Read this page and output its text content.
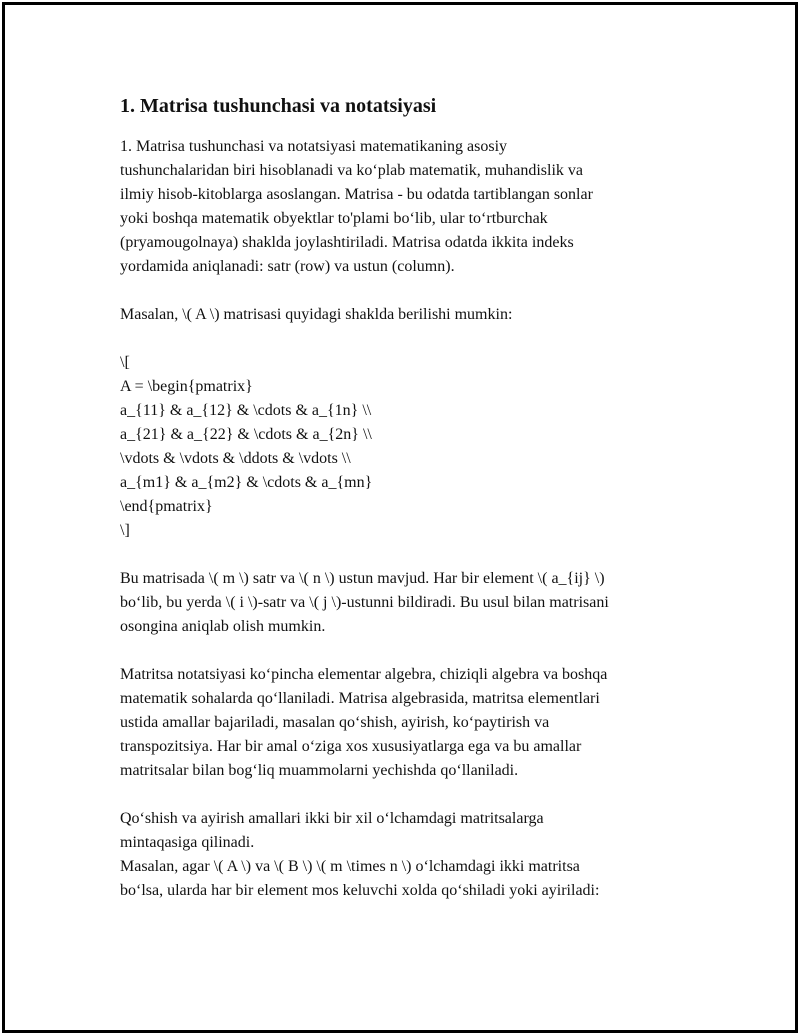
1. Matrisa tushunchasi va notatsiyasi
1. Matrisa tushunchasi va notatsiyasi matematikaning asosiy
tushunchalaridan biri hisoblanadi va koʻplab matematik, muhandislik va
ilmiy hisob-kitoblarga asoslangan. Matrisa - bu odatda tartiblangan sonlar
yoki boshqa matematik obyektlar to'plami boʻlib, ular toʻrtburchak
(pryamougolnaya) shaklda joylashtiriladi. Matrisa odatda ikkita indeks
yordamida aniqlanadi: satr (row) va ustun (column).
Masalan, \( A \) matrisasi quyidagi shaklda berilishi mumkin:
\[
A = \begin{pmatrix}
a_{11} & a_{12} & \cdots & a_{1n} \\
a_{21} & a_{22} & \cdots & a_{2n} \\
\vdots & \vdots & \ddots & \vdots \\
a_{m1} & a_{m2} & \cdots & a_{mn}
\end{pmatrix}
\]
Bu matrisada \( m \) satr va \( n \) ustun mavjud. Har bir element \( a_{ij} \)
boʻlib, bu yerda \( i \)-satr va \( j \)-ustunni bildiradi. Bu usul bilan matrisani
osongina aniqlab olish mumkin.
Matritsa notatsiyasi koʻpincha elementar algebra, chiziqli algebra va boshqa
matematik sohalarda qoʻllaniladi. Matrisa algebrasida, matritsa elementlari
ustida amallar bajariladi, masalan qoʻshish, ayirish, koʻpaytirish va
transpozitsiya. Har bir amal oʻziga xos xususiyatlarga ega va bu amallar
matritsalar bilan bogʻliq muammolarni yechishda qoʻllaniladi.
Qoʻshish va ayirish amallari ikki bir xil oʻlchamdagi matritsalarga
mintaqasiga qilinadi.
Masalan, agar \( A \) va \( B \) \( m \times n \) oʻlchamdagi ikki matritsa
boʻlsa, ularda har bir element mos keluvchi xolda qoʻshiladi yoki ayiriladi:
